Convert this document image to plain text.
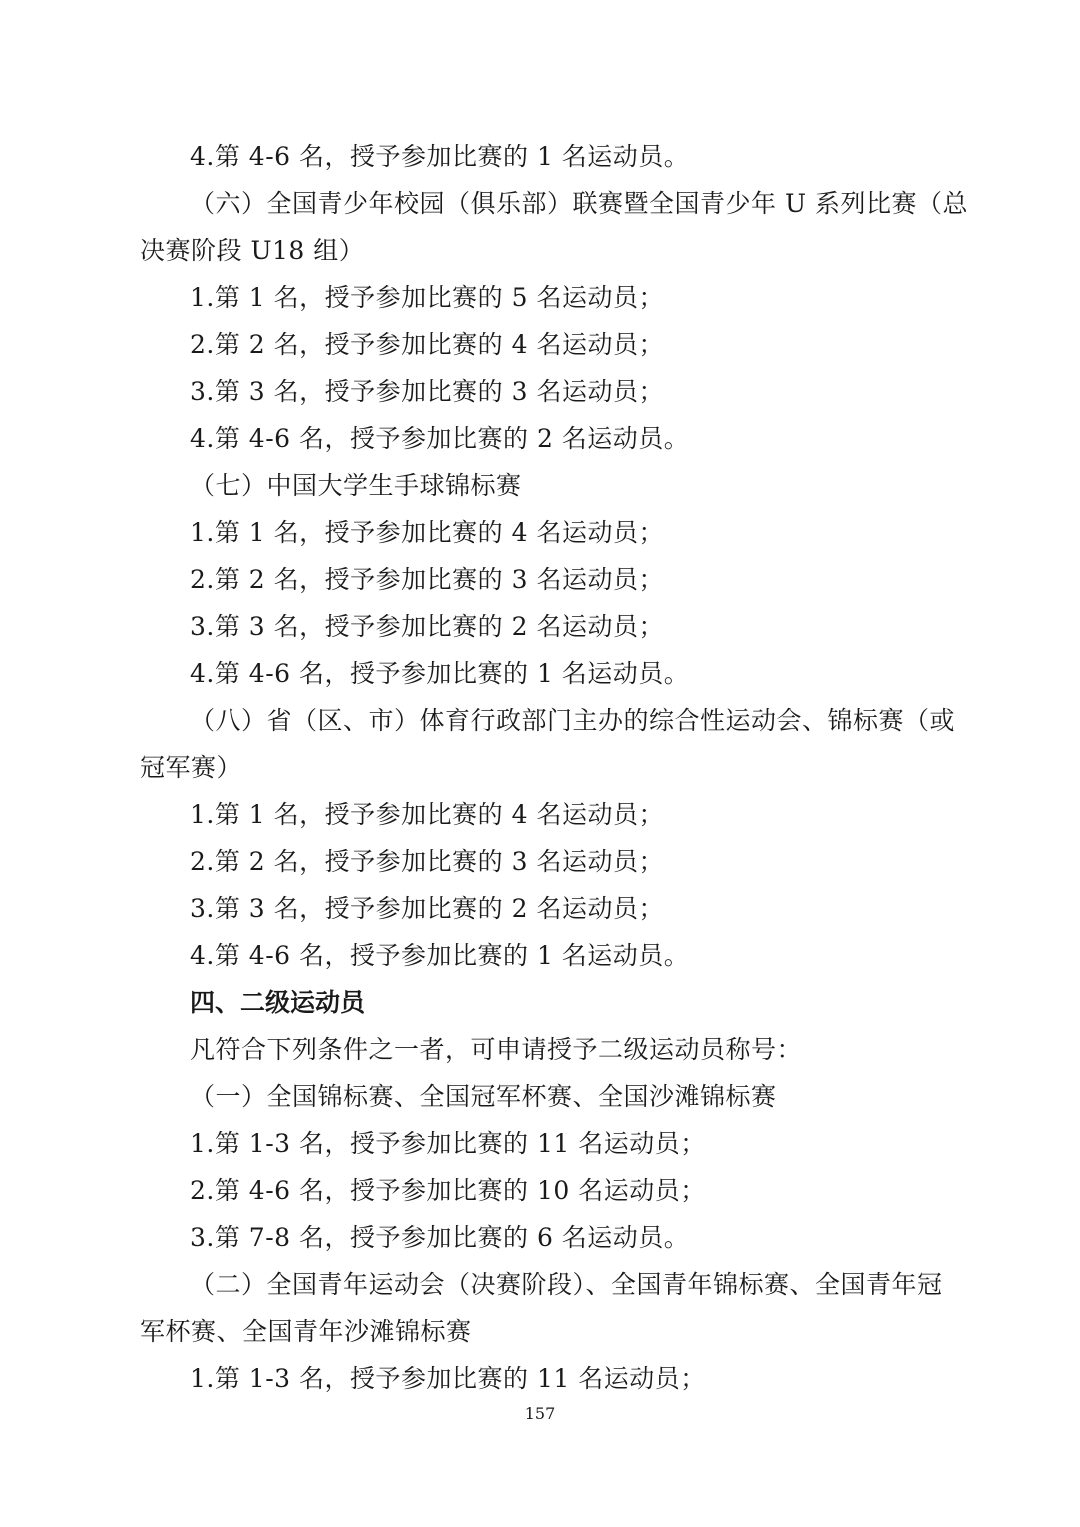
4.第 4-6 名，授予参加比赛的 1 名运动员。
（六）全国青少年校园（俱乐部）联赛暨全国青少年 U 系列比赛（总
决赛阶段 U18 组）
1.第 1 名，授予参加比赛的 5 名运动员；
2.第 2 名，授予参加比赛的 4 名运动员；
3.第 3 名，授予参加比赛的 3 名运动员；
4.第 4-6 名，授予参加比赛的 2 名运动员。
（七）中国大学生手球锦标赛
1.第 1 名，授予参加比赛的 4 名运动员；
2.第 2 名，授予参加比赛的 3 名运动员；
3.第 3 名，授予参加比赛的 2 名运动员；
4.第 4-6 名，授予参加比赛的 1 名运动员。
（八）省（区、市）体育行政部门主办的综合性运动会、锦标赛（或
冠军赛）
1.第 1 名，授予参加比赛的 4 名运动员；
2.第 2 名，授予参加比赛的 3 名运动员；
3.第 3 名，授予参加比赛的 2 名运动员；
4.第 4-6 名，授予参加比赛的 1 名运动员。
四、二级运动员
凡符合下列条件之一者，可申请授予二级运动员称号：
（一）全国锦标赛、全国冠军杯赛、全国沙滩锦标赛
1.第 1-3 名，授予参加比赛的 11 名运动员；
2.第 4-6 名，授予参加比赛的 10 名运动员；
3.第 7-8 名，授予参加比赛的 6 名运动员。
（二）全国青年运动会（决赛阶段）、全国青年锦标赛、全国青年冠
军杯赛、全国青年沙滩锦标赛
1.第 1-3 名，授予参加比赛的 11 名运动员；
157
